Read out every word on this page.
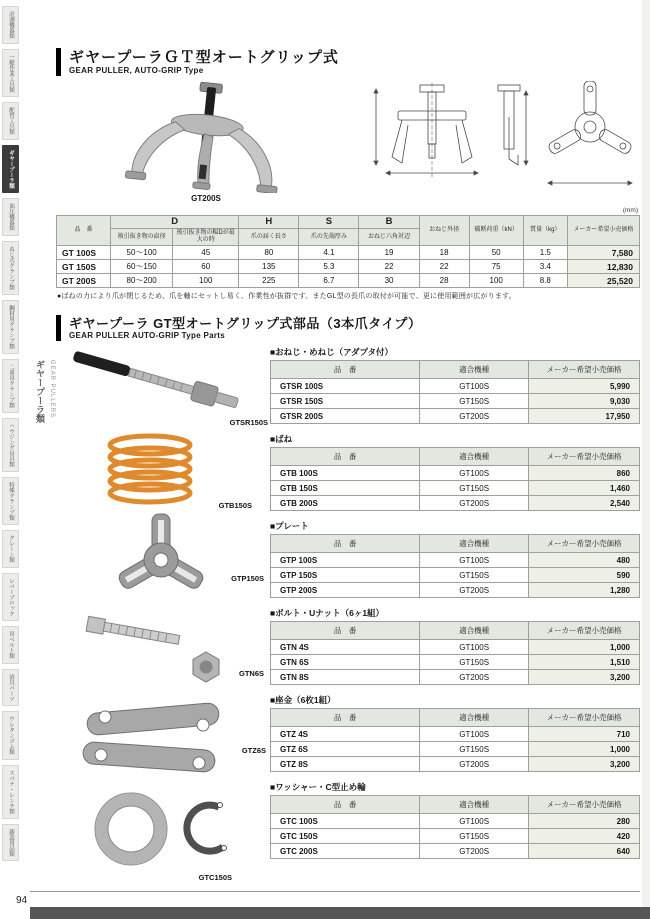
計測機器類
一般作業工具類
配管工具類
ギヤープーラ類
油圧機器類
ねじ式クランプ類
鋼材用クランプ類
二重吊クランプ類
ハウジング吊具類
特殊クランプ類
クレーン類
レバーブロック
吊ベルト類
治具パーツ
ウレタンゴム類
スパナ・レンチ類
鋳造用品類
ギヤープーラ類 GEAR PULLERS
ギヤープーラＧＴ型オートグリップ式
GEAR PULLER, AUTO-GRIP Type
GT200S
(mm)
品　番	D		H	S	B	おねじ外径	破断荷重（kN）	質量（kg）	メーカー希望小売価格
	被引抜き物の直径	被引抜き物の幅Dが最大の時	爪の届く長さ	爪の先端厚み	おねじ六角対辺				
GT 100S	50～100	45	80	4.1	19	18	50	1.5	7,580
GT 150S	60～150	60	135	5.3	22	22	75	3.4	12,830
GT 200S	80～200	100	225	6.7	30	28	100	8.8	25,520

●ばねの力により爪が閉じるため、爪を軸にセットし易く、作業性が抜群です。またGL型の長爪の取付が可能で、更に使用範囲が広がります。

ギヤープーラ GT型オートグリップ式部品（3本爪タイプ）
GEAR PULLER AUTO-GRIP Type Parts
GTSR150S
GTB150S
GTP150S
GTN6S
GTZ6S
GTC150S
■おねじ・めねじ（アダプタ付）
品　番	適合機種	メーカー希望小売価格
GTSR 100S	GT100S	5,990
GTSR 150S	GT150S	9,030
GTSR 200S	GT200S	17,950
■ばね
品　番	適合機種	メーカー希望小売価格
GTB 100S	GT100S	860
GTB 150S	GT150S	1,460
GTB 200S	GT200S	2,540
■プレート
品　番	適合機種	メーカー希望小売価格
GTP 100S	GT100S	480
GTP 150S	GT150S	590
GTP 200S	GT200S	1,280
■ボルト・Uナット（6ヶ1組）
品　番	適合機種	メーカー希望小売価格
GTN 4S	GT100S	1,000
GTN 6S	GT150S	1,510
GTN 8S	GT200S	3,200
■座金（6枚1組）
品　番	適合機種	メーカー希望小売価格
GTZ 4S	GT100S	710
GTZ 6S	GT150S	1,000
GTZ 8S	GT200S	3,200
■ワッシャー・C型止め輪
品　番	適合機種	メーカー希望小売価格
GTC 100S	GT100S	280
GTC 150S	GT150S	420
GTC 200S	GT200S	640
94
